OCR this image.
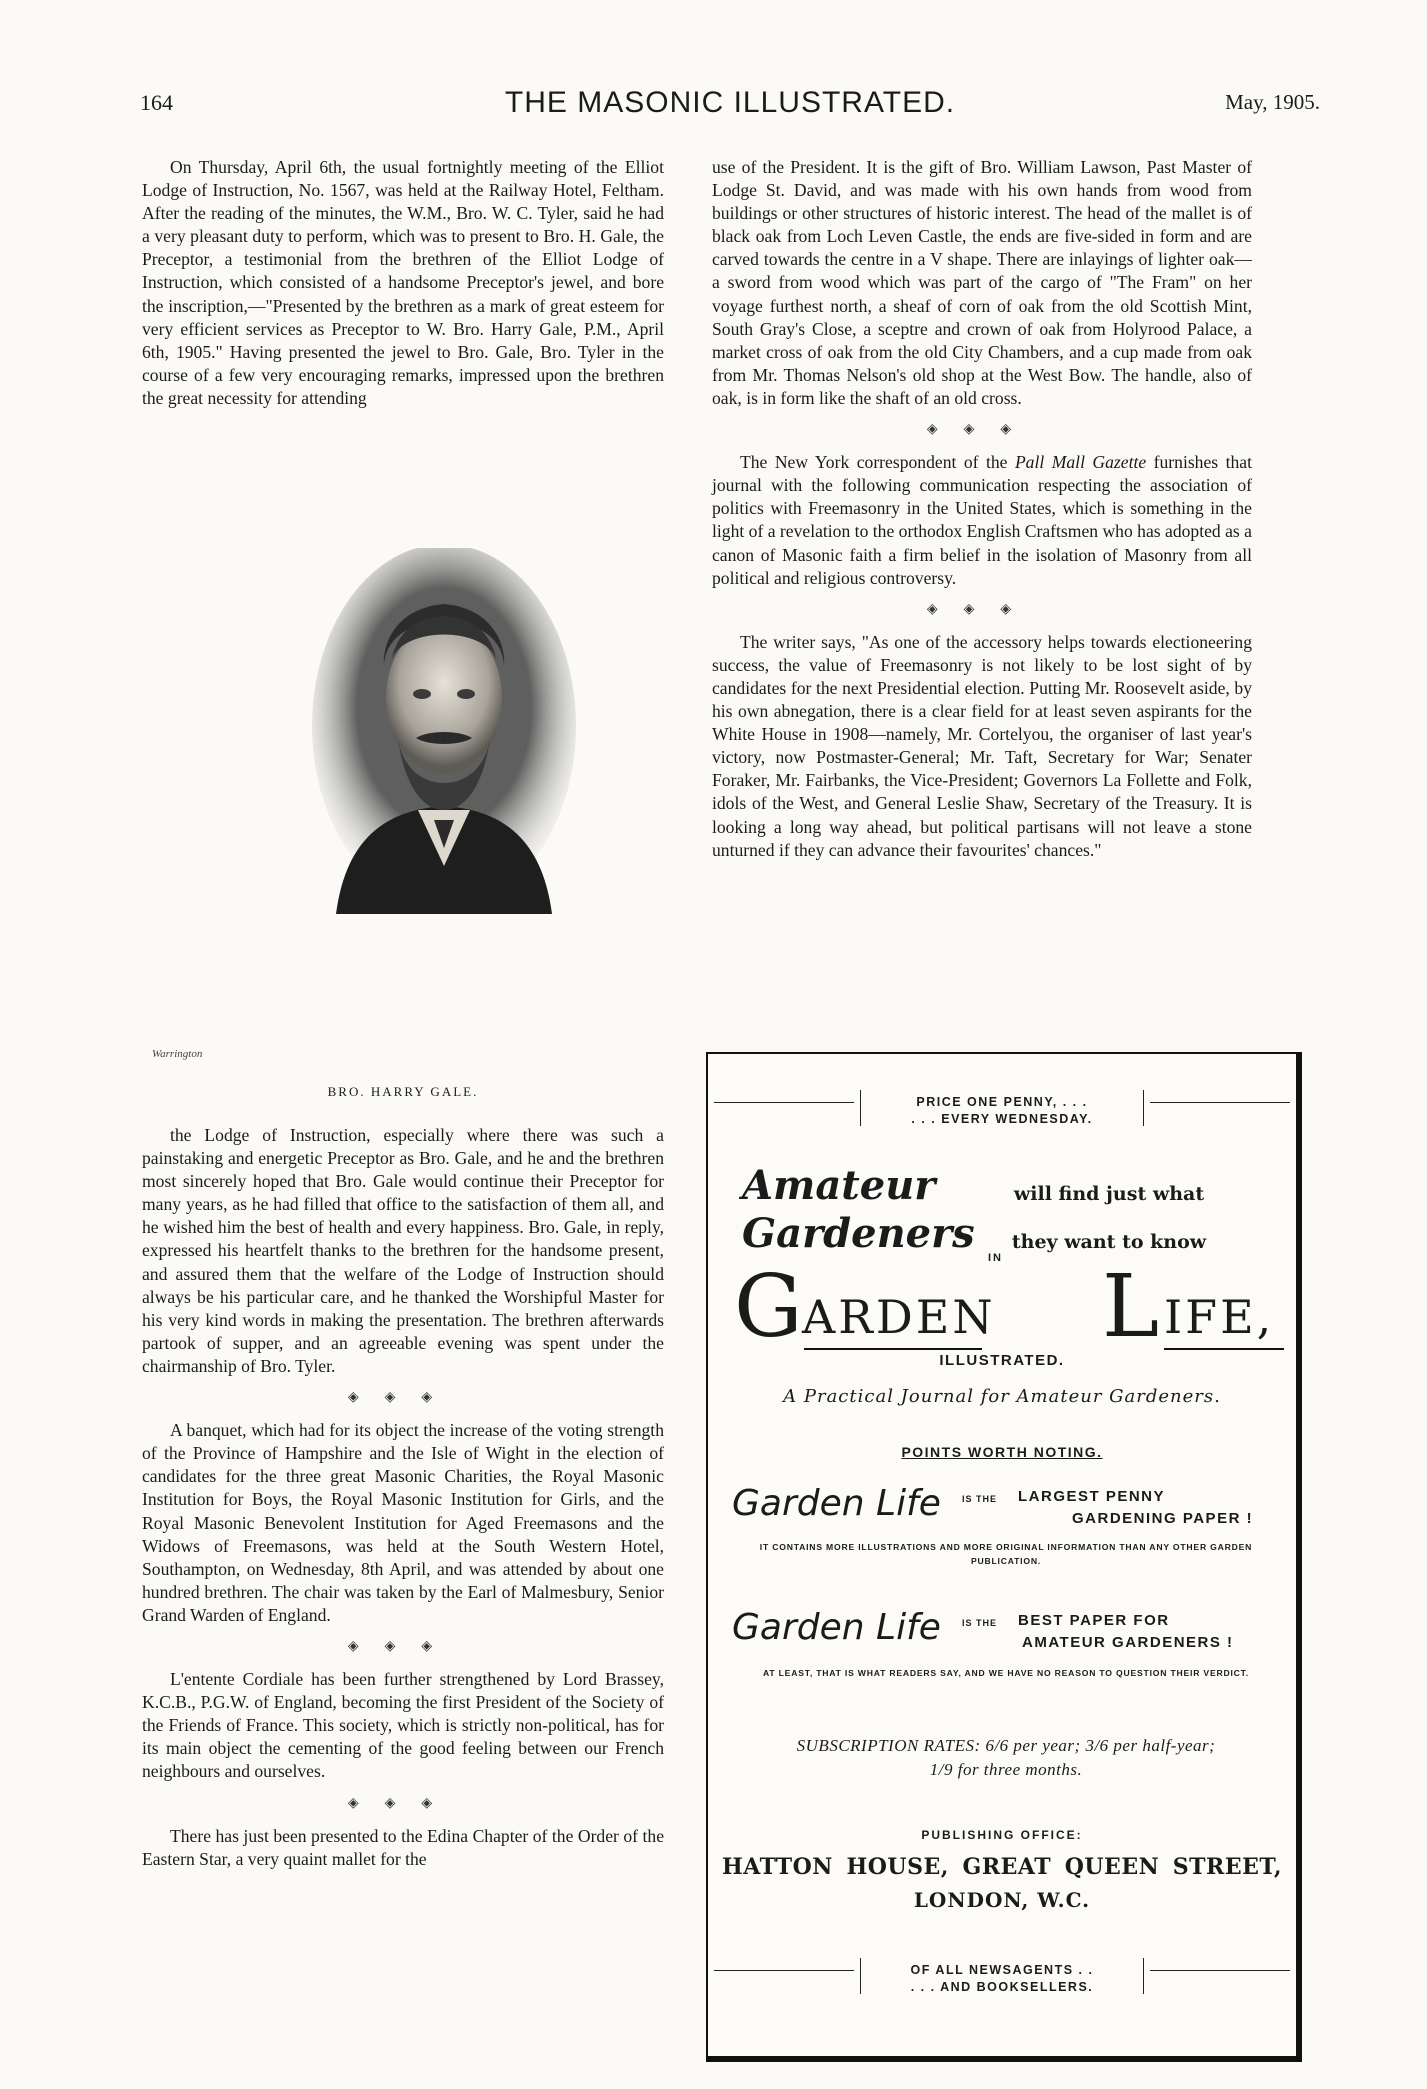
164	THE MASONIC ILLUSTRATED.	May, 1905.

On Thursday, April 6th, the usual fortnightly meeting of the Elliot Lodge of Instruction, No. 1567, was held at the Railway Hotel, Feltham. After the reading of the minutes, the W.M., Bro. W. C. Tyler, said he had a very pleasant duty to perform, which was to present to Bro. H. Gale, the Preceptor, a testimonial from the brethren of the Elliot Lodge of Instruction, which consisted of a handsome Preceptor's jewel, and bore the inscription,—"Presented by the brethren as a mark of great esteem for very efficient services as Preceptor to W. Bro. Harry Gale, P.M., April 6th, 1905." Having presented the jewel to Bro. Gale, Bro. Tyler in the course of a few very encouraging remarks, impressed upon the brethren the great necessity for attending

Warrington
BRO. HARRY GALE.

the Lodge of Instruction, especially where there was such a painstaking and energetic Preceptor as Bro. Gale, and he and the brethren most sincerely hoped that Bro. Gale would continue their Preceptor for many years, as he had filled that office to the satisfaction of them all, and he wished him the best of health and every happiness. Bro. Gale, in reply, expressed his heartfelt thanks to the brethren for the handsome present, and assured them that the welfare of the Lodge of Instruction should always be his particular care, and he thanked the Worshipful Master for his very kind words in making the presentation. The brethren afterwards partook of supper, and an agreeable evening was spent under the chairmanship of Bro. Tyler.

◈◈◈

A banquet, which had for its object the increase of the voting strength of the Province of Hampshire and the Isle of Wight in the election of candidates for the three great Masonic Charities, the Royal Masonic Institution for Boys, the Royal Masonic Institution for Girls, and the Royal Masonic Benevolent Institution for Aged Freemasons and the Widows of Freemasons, was held at the South Western Hotel, Southampton, on Wednesday, 8th April, and was attended by about one hundred brethren. The chair was taken by the Earl of Malmesbury, Senior Grand Warden of England.

◈◈◈

L'entente Cordiale has been further strengthened by Lord Brassey, K.C.B., P.G.W. of England, becoming the first President of the Society of the Friends of France. This society, which is strictly non-political, has for its main object the cementing of the good feeling between our French neighbours and ourselves.

◈◈◈

There has just been presented to the Edina Chapter of the Order of the Eastern Star, a very quaint mallet for the

use of the President. It is the gift of Bro. William Lawson, Past Master of Lodge St. David, and was made with his own hands from wood from buildings or other structures of historic interest. The head of the mallet is of black oak from Loch Leven Castle, the ends are five-sided in form and are carved towards the centre in a V shape. There are inlayings of lighter oak—a sword from wood which was part of the cargo of "The Fram" on her voyage furthest north, a sheaf of corn of oak from the old Scottish Mint, South Gray's Close, a sceptre and crown of oak from Holyrood Palace, a market cross of oak from the old City Chambers, and a cup made from oak from Mr. Thomas Nelson's old shop at the West Bow. The handle, also of oak, is in form like the shaft of an old cross.

◈◈◈

The New York correspondent of the Pall Mall Gazette furnishes that journal with the following communication respecting the association of politics with Freemasonry in the United States, which is something in the light of a revelation to the orthodox English Craftsmen who has adopted as a canon of Masonic faith a firm belief in the isolation of Masonry from all political and religious controversy.

◈◈◈

The writer says, "As one of the accessory helps towards electioneering success, the value of Freemasonry is not likely to be lost sight of by candidates for the next Presidential election. Putting Mr. Roosevelt aside, by his own abnegation, there is a clear field for at least seven aspirants for the White House in 1908—namely, Mr. Cortelyou, the organiser of last year's victory, now Postmaster-General; Mr. Taft, Secretary for War; Senater Foraker, Mr. Fairbanks, the Vice-President; Governors La Follette and Folk, idols of the West, and General Leslie Shaw, Secretary of the Treasury. It is looking a long way ahead, but political partisans will not leave a stone unturned if they can advance their favourites' chances."

PRICE ONE PENNY, . . .
. . . EVERY WEDNESDAY.
Amateur
Gardeners
will find just what
they want to know
IN
G ARDEN L IFE,
ILLUSTRATED.
A Practical Journal for Amateur Gardeners.
POINTS WORTH NOTING.
Garden Life IS THE LARGEST PENNY
GARDENING PAPER !
IT CONTAINS MORE ILLUSTRATIONS AND MORE ORIGINAL INFORMATION THAN ANY OTHER GARDEN PUBLICATION.
Garden Life IS THE BEST PAPER FOR
AMATEUR GARDENERS !
AT LEAST, THAT IS WHAT READERS SAY, AND WE HAVE NO REASON TO QUESTION THEIR VERDICT.
SUBSCRIPTION RATES: 6/6 per year; 3/6 per half-year;
1/9 for three months.
PUBLISHING OFFICE:
HATTON HOUSE, GREAT QUEEN STREET,
LONDON, W.C.
OF ALL NEWSAGENTS . .
. . . AND BOOKSELLERS.
